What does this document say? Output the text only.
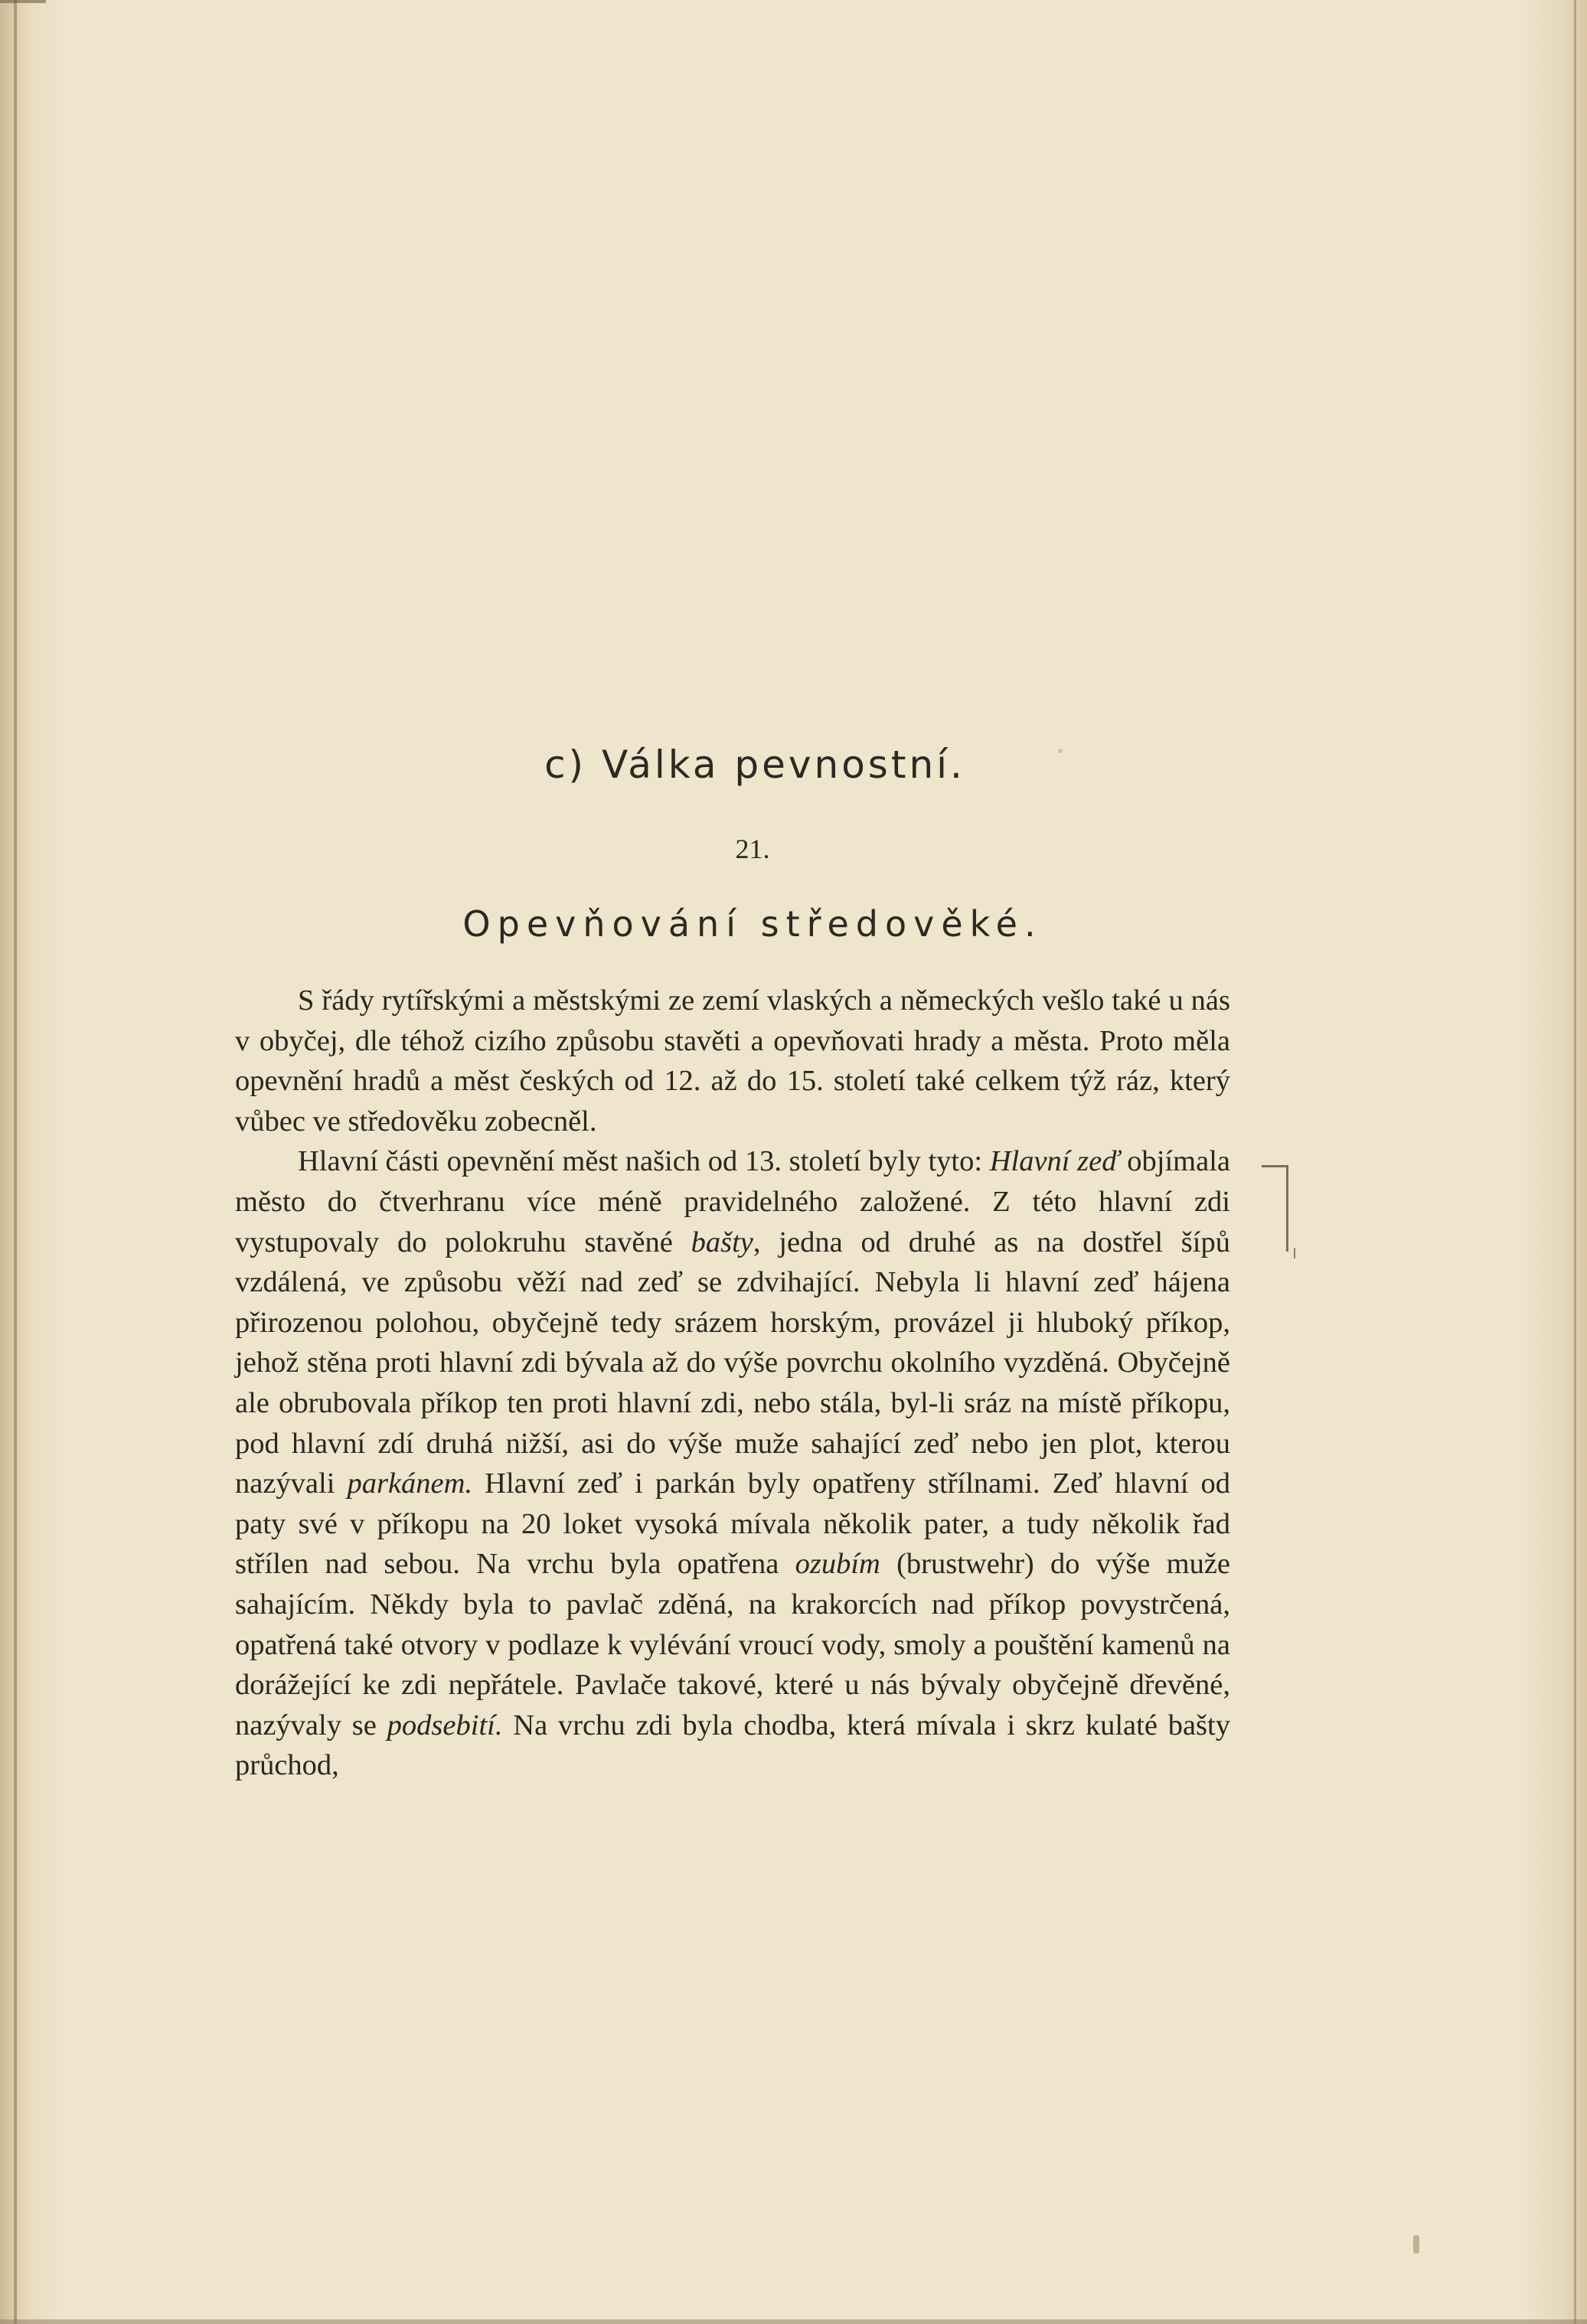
c) Válka pevnostní.
21.
Opevňování středověké.

S řády rytířskými a městskými ze zemí vlaských a německých vešlo také u nás v obyčej, dle téhož cizího způsobu stavěti a opevňovati hrady a města. Proto měla opevnění hradů a měst českých od 12. až do 15. století také celkem týž ráz, který vůbec ve středověku zobecněl.

Hlavní části opevnění měst našich od 13. století byly tyto: Hlavní zeď objímala město do čtverhranu více méně pravidelného založené. Z této hlavní zdi vystupovaly do polokruhu stavěné bašty, jedna od druhé as na dostřel šípů vzdálená, ve způsobu věží nad zeď se zdvihající. Nebyla li hlavní zeď hájena přirozenou polohou, obyčejně tedy srázem horským, provázel ji hluboký příkop, jehož stěna proti hlavní zdi bývala až do výše povrchu okolního vyzděná. Obyčejně ale obrubovala příkop ten proti hlavní zdi, nebo stála, byl-li sráz na místě příkopu, pod hlavní zdí druhá nižší, asi do výše muže sahající zeď nebo jen plot, kterou nazývali parkánem. Hlavní zeď i parkán byly opatřeny střílnami. Zeď hlavní od paty své v příkopu na 20 loket vysoká mívala několik pater, a tudy několik řad střílen nad sebou. Na vrchu byla opatřena ozubím (brustwehr) do výše muže sahajícím. Někdy byla to pavlač zděná, na krakorcích nad příkop povystrčená, opatřená také otvory v podlaze k vylévání vroucí vody, smoly a pouštění kamenů na dorážející ke zdi nepřátele. Pavlače takové, které u nás bývaly obyčejně dřevěné, nazývaly se podsebití. Na vrchu zdi byla chodba, která mívala i skrz kulaté bašty průchod,
